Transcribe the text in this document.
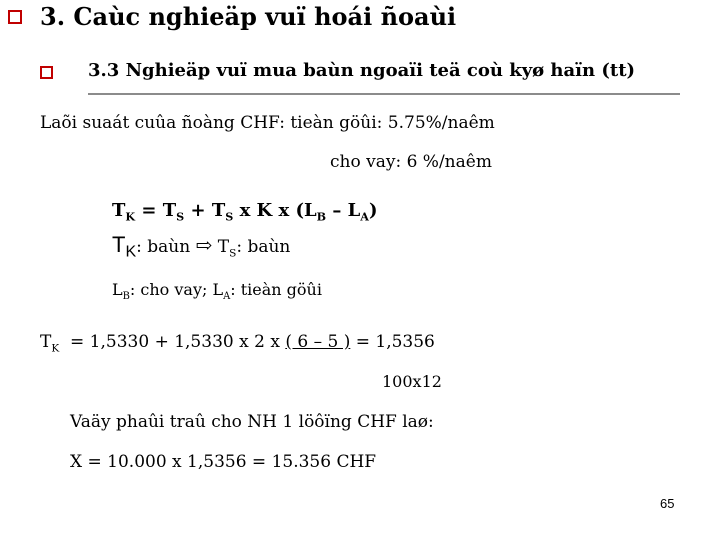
3. Caùc nghieäp vuï hoái ñoaùi
3.3 Nghieäp vuï mua baùn ngoaïi teä coù kyø haïn (tt)
Laõi suaát cuûa ñoàng CHF: tieàn göûi: 5.75%/naêm
cho vay: 6 %/naêm
$T_K = T_S + T_S$ x K x $(L_B - L_A)$
$T_K$: baùn ⇨ $T_S$: baùn
$L_B$: cho vay; $L_A$: tieàn göûi
$T_K = 1,5330 + 1,5330$ x 2 x ( 6 – 5 ) = 1,5356
100x12
Vaäy phaûi traû cho NH 1 löôïng CHF laø:
X = 10.000 x 1,5356 = 15.356 CHF
65
